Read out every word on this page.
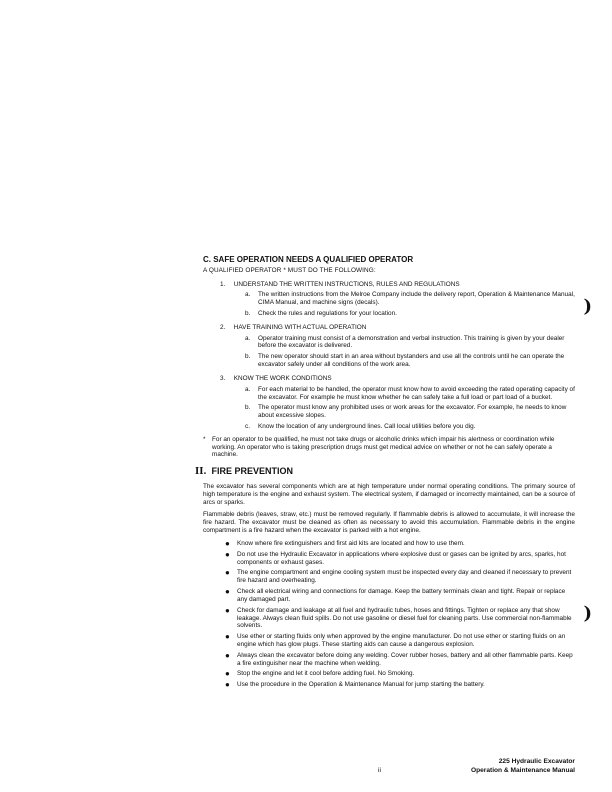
C. SAFE OPERATION NEEDS A QUALIFIED OPERATOR
A QUALIFIED OPERATOR * MUST DO THE FOLLOWING:
1. UNDERSTAND THE WRITTEN INSTRUCTIONS, RULES AND REGULATIONS
a.	The written instructions from the Melroe Company include the delivery report, Operation & Maintenance Manual, CIMA Manual, and machine signs (decals).
b.	Check the rules and regulations for your location.
2. HAVE TRAINING WITH ACTUAL OPERATION
a.	Operator training must consist of a demonstration and verbal instruction. This training is given by your dealer before the excavator is delivered.
b.	The new operator should start in an area without bystanders and use all the controls until he can operate the excavator safely under all conditions of the work area.
3. KNOW THE WORK CONDITIONS
a.	For each material to be handled, the operator must know how to avoid exceeding the rated operating capacity of the excavator. For example he must know whether he can safely take a full load or part load of a bucket.
b.	The operator must know any prohibited uses or work areas for the excavator. For example, he needs to know about excessive slopes.
c.	Know the location of any underground lines. Call local utilities before you dig.
*	For an operator to be qualified, he must not take drugs or alcoholic drinks which impair his alertness or coordination while working. An operator who is taking prescription drugs must get medical advice on whether or not he can safely operate a machine.
II. FIRE PREVENTION
The excavator has several components which are at high temperature under normal operating conditions. The primary source of high temperature is the engine and exhaust system. The electrical system, if damaged or incorrectly maintained, can be a source of arcs or sparks.
Flammable debris (leaves, straw, etc.) must be removed regularly. If flammable debris is allowed to accumulate, it will increase the fire hazard. The excavator must be cleaned as often as necessary to avoid this accumulation. Flammable debris in the engine compartment is a fire hazard when the excavator is parked with a hot engine.
●	Know where fire extinguishers and first aid kits are located and how to use them.
●	Do not use the Hydraulic Excavator in applications where explosive dust or gases can be ignited by arcs, sparks, hot components or exhaust gases.
●	The engine compartment and engine cooling system must be inspected every day and cleaned if necessary to prevent fire hazard and overheating.
●	Check all electrical wiring and connections for damage. Keep the battery terminals clean and tight. Repair or replace any damaged part.
●	Check for damage and leakage at all fuel and hydraulic tubes, hoses and fittings. Tighten or replace any that show leakage. Always clean fluid spills. Do not use gasoline or diesel fuel for cleaning parts. Use commercial non-flammable solvents.
●	Use ether or starting fluids only when approved by the engine manufacturer. Do not use ether or starting fluids on an engine which has glow plugs. These starting aids can cause a dangerous explosion.
●	Always clean the excavator before doing any welding. Cover rubber hoses, battery and all other flammable parts. Keep a fire extinguisher near the machine when welding.
●	Stop the engine and let it cool before adding fuel. No Smoking.
●	Use the procedure in the Operation & Maintenance Manual for jump starting the battery.
)
)
ii
225 Hydraulic Excavator
Operation & Maintenance Manual
